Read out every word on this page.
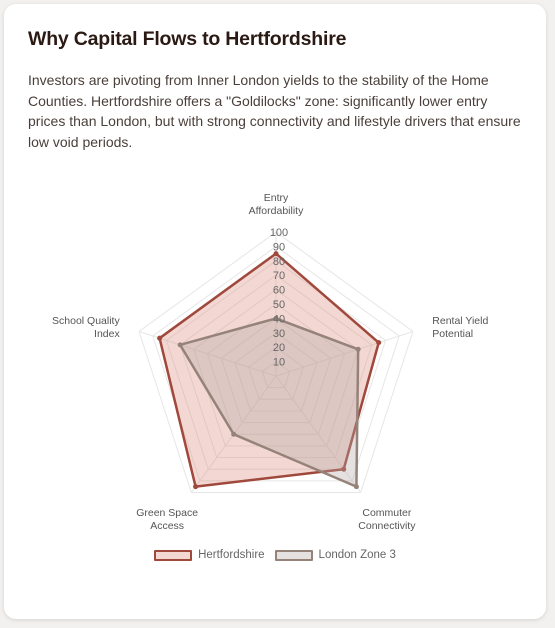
Why Capital Flows to Hertfordshire

Investors are pivoting from Inner London yields to the stability of the Home Counties. Hertfordshire offers a "Goldilocks" zone: significantly lower entry prices than London, but with strong connectivity and lifestyle drivers that ensure low void periods.

10
20
30
40
50
60
70
80
90
100
Entry Affordability
Rental Yield Potential
Commuter Connectivity
Green Space Access
School Quality Index
Hertfordshire	London Zone 3
